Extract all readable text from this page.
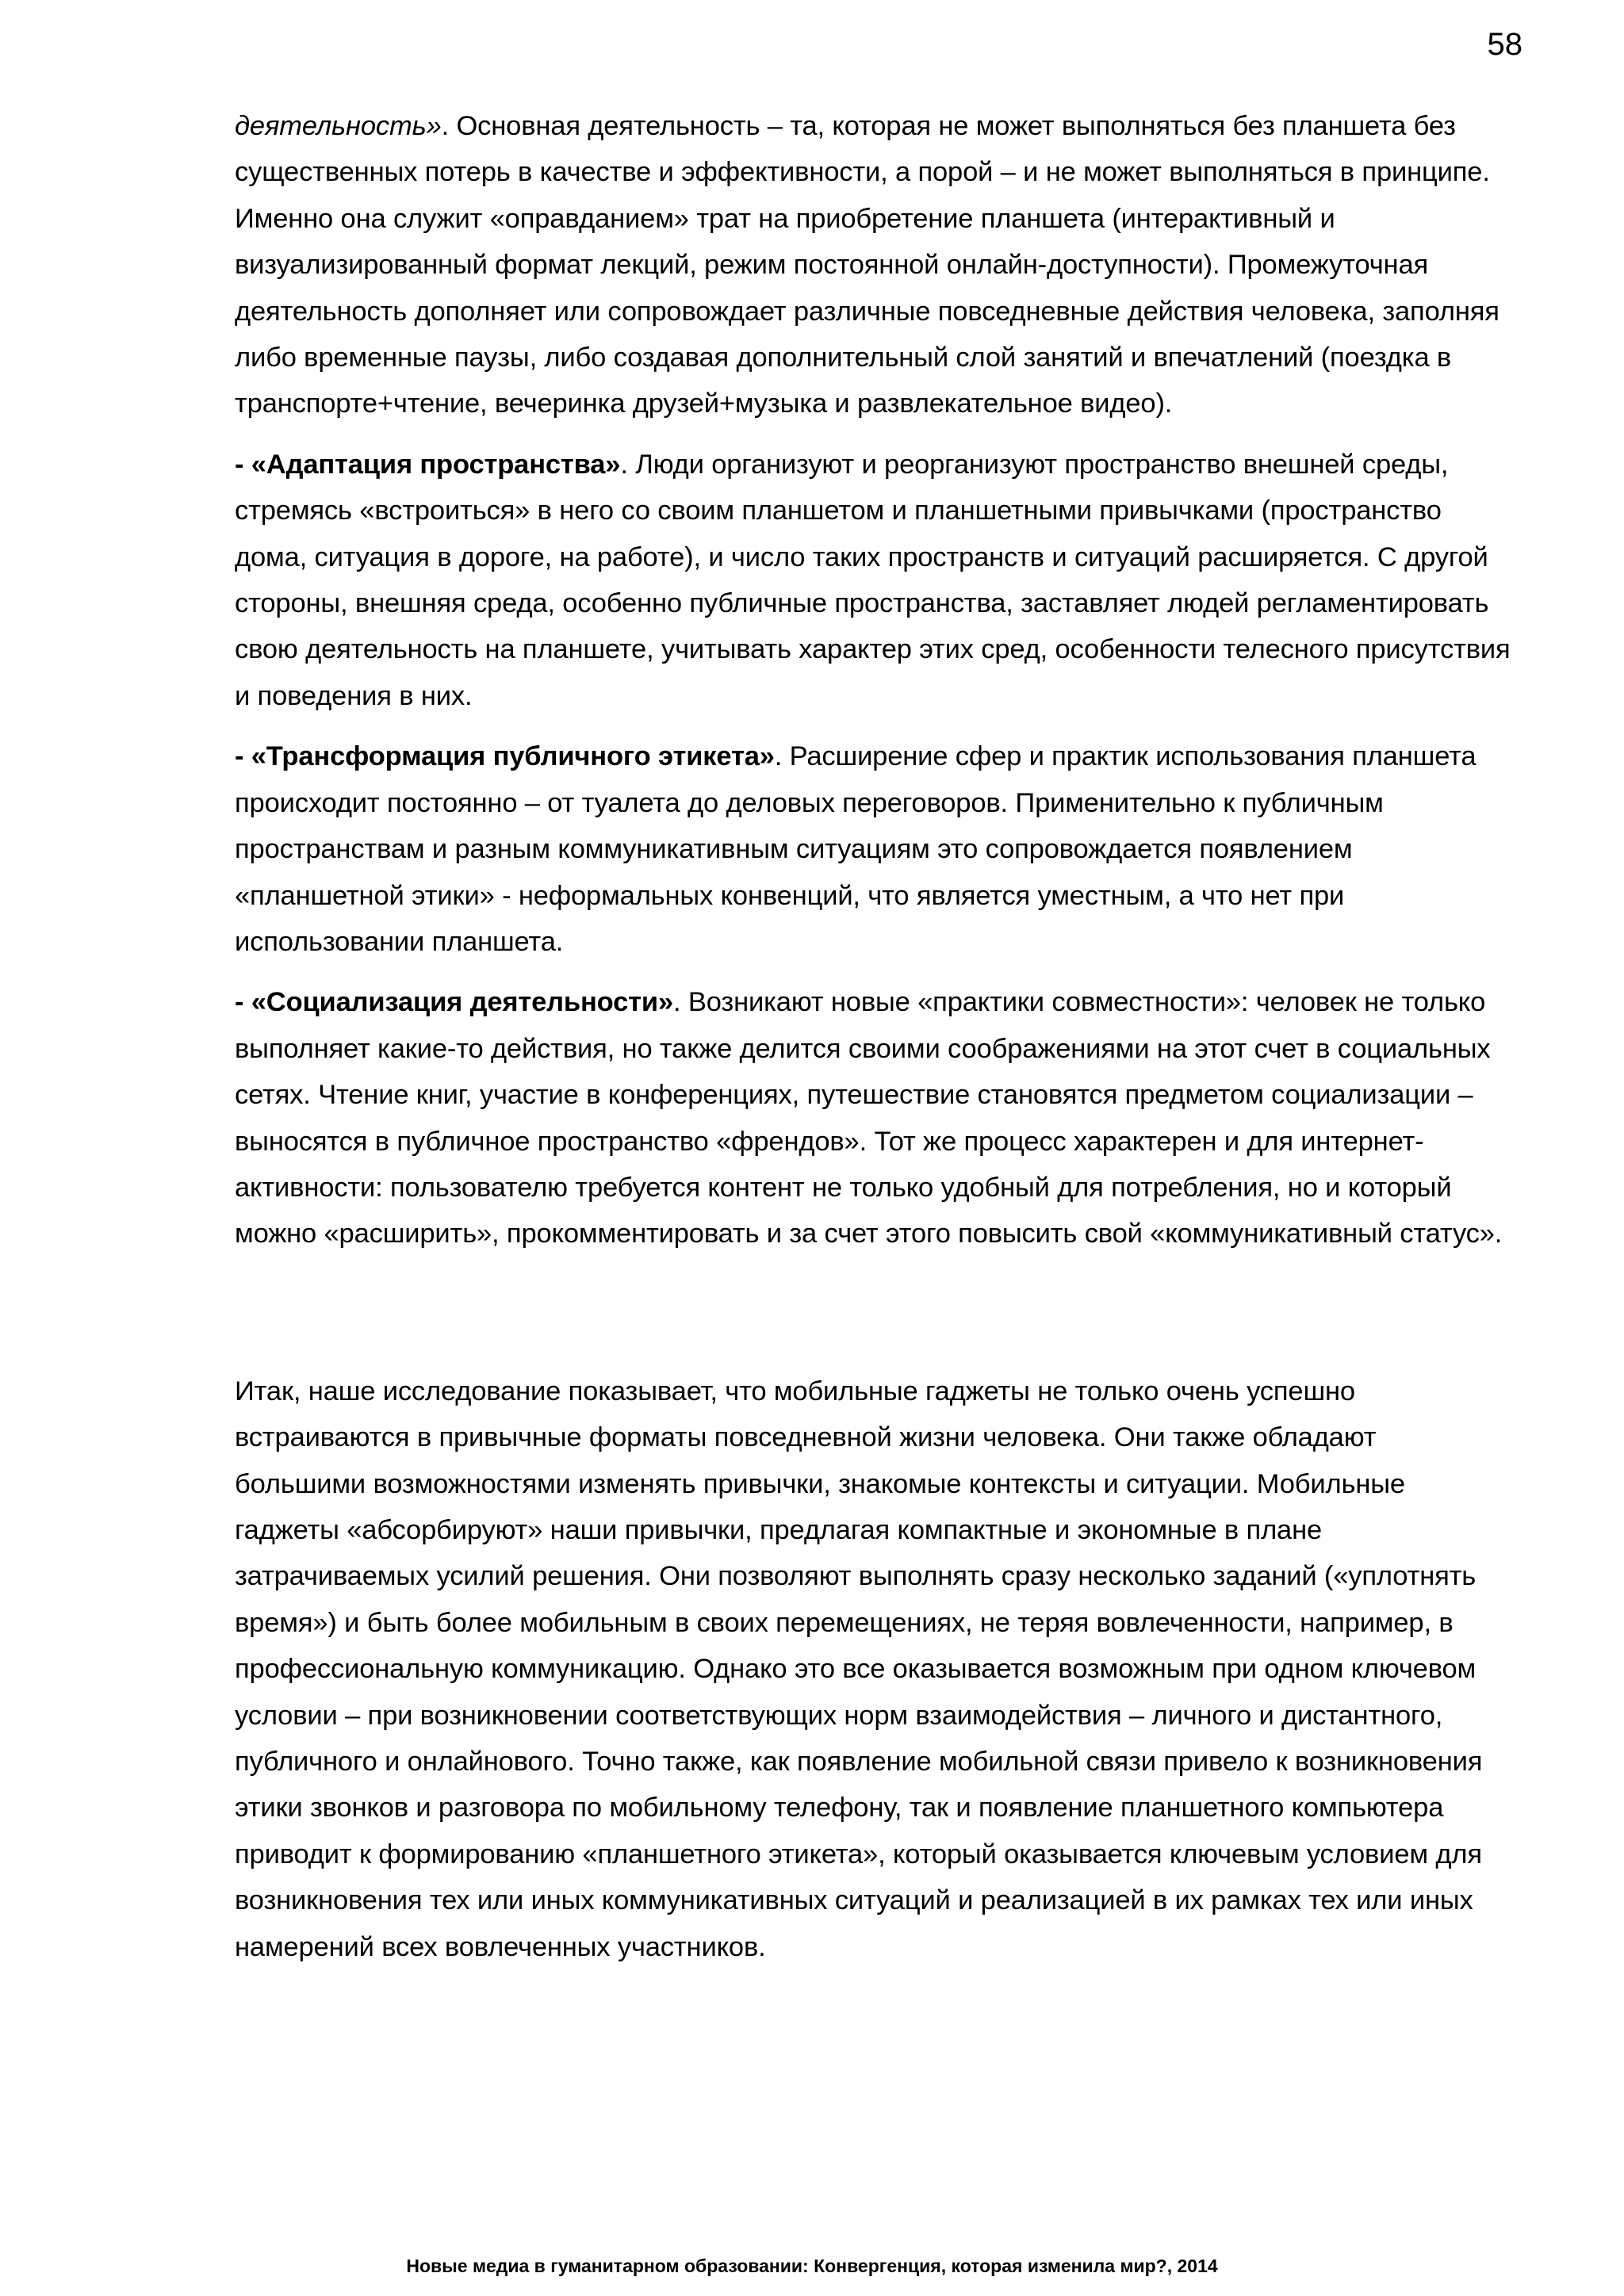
58

деятельность». Основная деятельность – та, которая не может выполняться без планшета без существенных потерь в качестве и эффективности, а порой – и не может выполняться в принципе. Именно она служит «оправданием» трат на приобретение планшета (интерактивный и визуализированный формат лекций, режим постоянной онлайн-доступности). Промежуточная деятельность дополняет или сопровождает различные повседневные действия человека, заполняя либо временные паузы, либо создавая дополнительный слой занятий и впечатлений (поездка в транспорте+чтение, вечеринка друзей+музыка и развлекательное видео).

- «Адаптация пространства». Люди организуют и реорганизуют пространство внешней среды, стремясь «встроиться» в него со своим планшетом и планшетными привычками (пространство дома, ситуация в дороге, на работе), и число таких пространств и ситуаций расширяется. С другой стороны, внешняя среда, особенно публичные пространства, заставляет людей регламентировать свою деятельность на планшете, учитывать характер этих сред, особенности телесного присутствия и поведения в них.

- «Трансформация публичного этикета». Расширение сфер и практик использования планшета происходит постоянно – от туалета до деловых переговоров. Применительно к публичным пространствам и разным коммуникативным ситуациям это сопровождается появлением «планшетной этики» - неформальных конвенций, что является уместным, а что нет при использовании планшета.

- «Социализация деятельности». Возникают новые «практики совместности»: человек не только выполняет какие-то действия, но также делится своими соображениями на этот счет в социальных сетях. Чтение книг, участие в конференциях, путешествие становятся предметом социализации – выносятся в публичное пространство «френдов». Тот же процесс характерен и для интернет-активности: пользователю требуется контент не только удобный для потребления, но и который можно «расширить», прокомментировать и за счет этого повысить свой «коммуникативный статус».

Итак, наше исследование показывает, что мобильные гаджеты не только очень успешно встраиваются в привычные форматы повседневной жизни человека. Они также обладают большими возможностями изменять привычки, знакомые контексты и ситуации. Мобильные гаджеты «абсорбируют» наши привычки, предлагая компактные и экономные в плане затрачиваемых усилий решения. Они позволяют выполнять сразу несколько заданий («уплотнять время») и быть более мобильным в своих перемещениях, не теряя вовлеченности, например, в профессиональную коммуникацию. Однако это все оказывается возможным при одном ключевом условии – при возникновении соответствующих норм взаимодействия – личного и дистантного, публичного и онлайнового. Точно также, как появление мобильной связи привело к возникновения этики звонков и разговора по мобильному телефону, так и появление планшетного компьютера приводит к формированию «планшетного этикета», который оказывается ключевым условием для возникновения тех или иных коммуникативных ситуаций и реализацией в их рамках тех или иных намерений всех вовлеченных участников.

Новые медиа в гуманитарном образовании: Конвергенция, которая изменила мир?, 2014
